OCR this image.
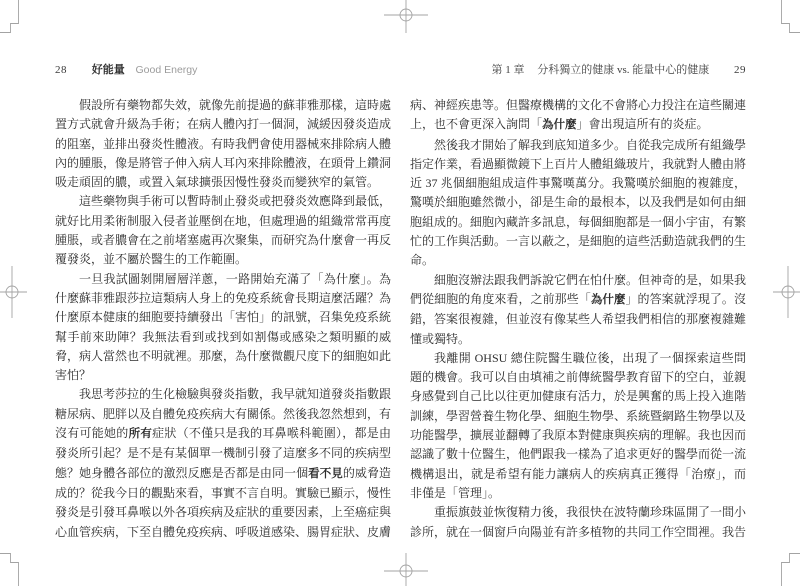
28 好能量 Good Energy	第 1 章 分科獨立的健康 vs. 能量中心的健康 29

假設所有藥物都失效，就像先前提過的蘇菲雅那樣，這時處置方式就會升級為手術；在病人體內打一個洞，減緩因發炎造成的阻塞，並排出發炎性體液。有時我們會使用器械來排除病人體內的腫脹，像是將管子伸入病人耳內來排除體液，在頭骨上鑽洞吸走頑固的膿，或置入氣球擴張因慢性發炎而變狹窄的氣管。

這些藥物與手術可以暫時制止發炎或把發炎效應降到最低，就好比用柔術制服入侵者並壓倒在地，但處理過的組織常常再度腫脹，或者膿會在之前堵塞處再次聚集，而研究為什麼會一再反覆發炎，並不屬於醫生的工作範圍。

一旦我試圖剝開層層洋蔥，一路開始充滿了「為什麼」。為什麼蘇菲雅跟莎拉這類病人身上的免疫系統會長期這麼活躍？為什麼原本健康的細胞要持續發出「害怕」的訊號，召集免疫系統幫手前來助陣？我無法看到或找到如割傷或感染之類明顯的威脅，病人當然也不明就裡。那麼，為什麼微觀尺度下的細胞如此害怕？

我思考莎拉的生化檢驗與發炎指數，我早就知道發炎指數跟糖尿病、肥胖以及自體免疫疾病大有關係。然後我忽然想到，有沒有可能她的所有症狀（不僅只是我的耳鼻喉科範圍），都是由發炎所引起？是不是有某個單一機制引發了這麼多不同的疾病型態？她身體各部位的激烈反應是否都是由同一個看不見的威脅造成的？從我今日的觀點來看，事實不言自明。實驗已顯示，慢性發炎是引發耳鼻喉以外各項疾病及症狀的重要因素，上至癌症與心血管疾病，下至自體免疫疾病、呼吸道感染、腸胃症狀、皮膚

病、神經疾患等。但醫療機構的文化不會將心力投注在這些關連上，也不會更深入詢問「為什麼」會出現這所有的炎症。

然後我才開始了解我到底知道多少。自從我完成所有組織學指定作業，看過顯微鏡下上百片人體組織玻片，我就對人體由將近 37 兆個細胞組成這件事驚嘆萬分。我驚嘆於細胞的複雜度，驚嘆於細胞雖然微小，卻是生命的最根本，以及我們是如何由細胞組成的。細胞內藏許多訊息，每個細胞都是一個小宇宙，有繁忙的工作與活動。一言以蔽之，是細胞的這些活動造就我們的生命。

細胞沒辦法跟我們訴說它們在怕什麼。但神奇的是，如果我們從細胞的角度來看，之前那些「為什麼」的答案就浮現了。沒錯，答案很複雜，但並沒有像某些人希望我們相信的那麼複雜難懂或獨特。

我離開 OHSU 總住院醫生職位後，出現了一個探索這些問題的機會。我可以自由填補之前傳統醫學教育留下的空白，並親身感覺到自己比以往更加健康有活力，於是興奮的馬上投入進階訓練，學習營養生物化學、細胞生物學、系統暨網路生物學以及功能醫學，擴展並翻轉了我原本對健康與疾病的理解。我也因而認識了數十位醫生，他們跟我一樣為了追求更好的醫學而從一流機構退出，就是希望有能力讓病人的疾病真正獲得「治療」，而非僅是「管理」。

重振旗鼓並恢復精力後，我很快在波特蘭珍珠區開了一間小診所，就在一個窗戶向陽並有許多植物的共同工作空間裡。我告
